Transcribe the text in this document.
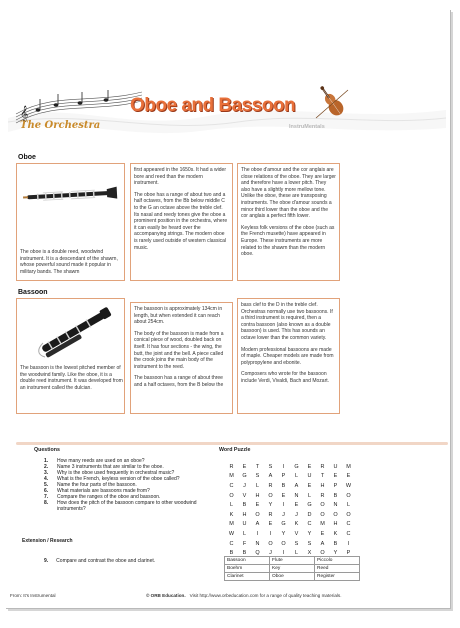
𝄞
The Orchestra
Oboe and Bassoon
InstruMentals
Oboe
The oboe is a double reed, woodwind instrument. It is a descendant of the shawm, whose powerful sound made it popular in military bands. The shawm

first appeared in the 1650s. It had a wider bore and reed than the modern instrument.

The oboe has a range of about two and a half octaves, from the Bb below middle C to the G an octave above the treble clef. Its nasal and reedy tones give the oboe a prominent position in the orchestra, where it can easily be heard over the accompanying strings. The modern oboe is rarely used outside of western classical music.

The oboe d'amour and the cor anglais are close relations of the oboe. They are larger and therefore have a lower pitch. They also have a slightly more mellow tone. Unlike the oboe, these are transposing instruments. The oboe d'amour sounds a minor third lower than the oboe and the cor anglais a perfect fifth lower.

Keyless folk versions of the oboe (such as the French musette) have appeared in Europe. These instruments are more related to the shawm than the modern oboe.

Bassoon
The bassoon is the lowest pitched member of the woodwind family. Like the oboe, it is a double reed instrument. It was developed from an instrument called the dulcian.

The bassoon is approximately 134cm in length, but when extended it can reach about 254cm.

The body of the bassoon is made from a conical piece of wood, doubled back on itself. It has four sections - the wing, the butt, the joint and the bell. A piece called the crook joins the main body of the instrument to the reed.

The bassoon has a range of about three and a half octaves, from the B below the

bass clef to the D in the treble clef. Orchestras normally use two bassoons. If a third instrument is required, then a contra bassoon (also known as a double bassoon) is used. This has sounds an octave lower than the common variety.

Modern professional bassoons are made of maple. Cheaper models are made from polypropylene and ebonite.

Composers who wrote for the bassoon include Verdi, Vivaldi, Bach and Mozart.

Questions
1. How many reeds are used on an oboe?
2. Name 3 instruments that are similar to the oboe.
3. Why is the oboe used frequently in orchestral music?
4. What is the French, keyless version of the oboe called?
5. Name the four parts of the bassoon.
6. What materials are bassoons made from?
7. Compare the ranges of the oboe and bassoon.
8. How does the pitch of the bassoon compare to other woodwind instruments?
Extension / Research
9. Compare and contrast the oboe and clarinet.
Word Puzzle
R	E	T	S	I	G	E	R	U	M
M	G	S	A	P	L	U	T	E	E
C	J	L	R	B	A	E	H	P	W
O	V	H	O	E	N	L	R	B	O
L	B	E	Y	I	E	G	O	N	L
K	H	O	R	J	J	D	O	O	O
M	U	A	E	G	K	C	M	H	C
W	L	I	I	Y	V	Y	E	K	C
C	F	N	O	O	S	S	A	B	I
B	B	Q	J	I	L	X	O	Y	P
Bassoon	Flute	Piccolo
Boehm	Key	Reed
Clarinet	Oboe	Register
From: It's Instrumental	© ORB Education. Visit http://www.orbeducation.com for a range of quality teaching materials.
